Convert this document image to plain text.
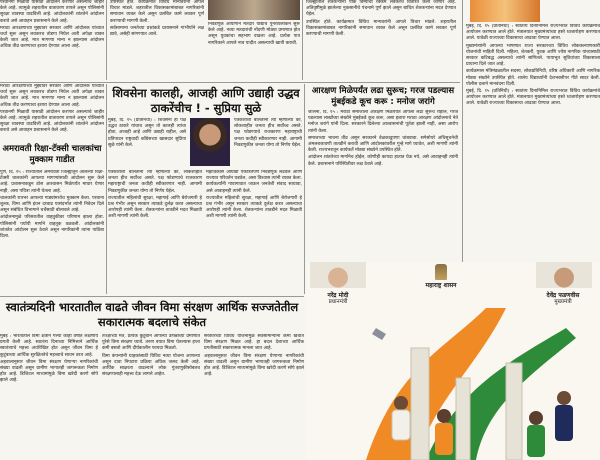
परवानगी मिळावी यासाठी आंदोलन करणार असल्याचे जाहीर केले आहे. त्यामुळे शहरातील वातावरण तापले असून पोलिसांनी सुरक्षा व्यवस्था वाढविली आहे. आंदोलकांनी शांततेने आंदोलन करावे असे आवाहन प्रशासनाने केले आहे.

मराठा आरक्षणाच्या मुद्द्यावर सरकार आणि आंदोलक यांच्यात चर्चा सुरू असून लवकरच तोडगा निघेल अशी अपेक्षा व्यक्त केली जात आहे. मात्र मागण्या मान्य न झाल्यास आंदोलन अधिक तीव्र करण्याचा इशारा देण्यात आला आहे.

उपस्थित होते. कार्यक्रमात विविध मान्यवरांनी आपले विचार मांडले. शहरातील विकासकामांबाबत नागरिकांनी समाधान व्यक्त केले असून प्रलंबित कामे लवकर पूर्ण करण्याची मागणी केली.

सर्वसामान्य जनतेच्या प्रश्नांकडे प्रशासनाने गांभीर्याने लक्ष द्यावे, असेही सांगण्यात आले.

निवडणूक आयोगाने मतदार याद्यांचे पुनरावलोकन सुरू केले आहे. नव्या मतदारांची नोंदणी मोठ्या प्रमाणात होत असून युवकांचा सहभाग वाढला आहे. प्रत्येक पात्र नागरिकाने आपले नाव यादीत असल्याची खात्री करावी.

जिल्ह्यातील शेतकऱ्यांना पीक विम्याची रक्कम लवकरच वितरित केली जाणार आहे. अतिवृष्टीमुळे झालेल्या नुकसानीचे पंचनामे पूर्ण झाले असून बाधित शेतकऱ्यांना मदत देण्यात येईल.

उपस्थित होते. कार्यक्रमात विविध मान्यवरांनी आपले विचार मांडले. शहरातील विकासकामांबाबत नागरिकांनी समाधान व्यक्त केले असून प्रलंबित कामे लवकर पूर्ण करण्याची मागणी केली.

शिवसेना कालही, आजही आणि उद्याही उद्धव ठाकरेंचीच ! - सुप्रिया सुळे

मुंबई, दि. १५ (प्रतिनिधी) : शिवसेना हा पक्ष उद्धव ठाकरे यांचाच असून तो कालही त्यांचा होता, आजही आहे आणि उद्याही राहील, असे प्रतिपादन राष्ट्रवादी काँग्रेसच्या खासदार सुप्रिया सुळे यांनी केले.

पत्रकारांशी बोलताना त्या म्हणाल्या की, लोकशाहीत जनता हीच सर्वोच्च असते. पक्ष फोडण्याचे राजकारण महाराष्ट्राची जनता कधीही स्वीकारणार नाही. आगामी निवडणुकीत जनता योग्य तो निर्णय घेईल.

राज्यातील महिलांची सुरक्षा, महागाई आणि बेरोजगारी हे प्रश्न गंभीर असून सरकार त्याकडे दुर्लक्ष करत असल्याचा आरोपही त्यांनी केला. शेतकऱ्यांना तातडीने मदत मिळावी अशी मागणी त्यांनी केली.

महाविकास आघाडी एकत्रितपणे निवडणूक लढवेल आणि राज्यात परिवर्तन घडवेल, असा विश्वास त्यांनी व्यक्त केला. कार्यकर्त्यांनी गावागावात जाऊन जनतेशी संवाद साधावा, असे आवाहनही त्यांनी केले.

राज्यातील महिलांची सुरक्षा, महागाई आणि बेरोजगारी हे प्रश्न गंभीर असून सरकार त्याकडे दुर्लक्ष करत असल्याचा आरोपही त्यांनी केला. शेतकऱ्यांना तातडीने मदत मिळावी अशी मागणी त्यांनी केली.

पत्रकारांशी बोलताना त्या म्हणाल्या की, लोकशाहीत जनता हीच सर्वोच्च असते. पक्ष फोडण्याचे राजकारण महाराष्ट्राची जनता कधीही स्वीकारणार नाही. आगामी निवडणुकीत जनता योग्य तो निर्णय घेईल.

मराठा आरक्षणाच्या मुद्द्यावर सरकार आणि आंदोलक यांच्यात चर्चा सुरू असून लवकरच तोडगा निघेल अशी अपेक्षा व्यक्त केली जात आहे. मात्र मागण्या मान्य न झाल्यास आंदोलन अधिक तीव्र करण्याचा इशारा देण्यात आला आहे.

परवानगी मिळावी यासाठी आंदोलन करणार असल्याचे जाहीर केले आहे. त्यामुळे शहरातील वातावरण तापले असून पोलिसांनी सुरक्षा व्यवस्था वाढविली आहे. आंदोलकांनी शांततेने आंदोलन करावे असे आवाहन प्रशासनाने केले आहे.

अमरावती रिक्षा-टॅक्सी चालकांचा मुक्काम गाडीत

पुणे, दि. १५ : राज्यातील अमरावती जिल्ह्यातून आलेल्या रिक्षा-टॅक्सी चालकांनी आपल्या मागण्यांसाठी आंदोलन सुरू केले आहे. प्रशासनाकडून ठोस आश्वासन मिळेपर्यंत माघार घेणार नाही, असा पवित्रा त्यांनी घेतला आहे.

चालकांनी रात्रभर आपल्या गाड्यांमध्येच मुक्काम केला. परवाना शुल्क, विमा आणि इंधन दरवाढ यासंदर्भात त्यांनी निवेदन दिले असून संबंधित विभागाने चर्चेसाठी बोलावले आहे.

आंदोलनामुळे परिसरातील वाहतुकीवर परिणाम झाला होता. पोलिसांनी पर्यायी मार्गाने वाहतूक वळवली. आंदोलकांनी शांततेत आंदोलन सुरू ठेवले असून नागरिकांनी त्यांना पाठिंबा दिला.

आरक्षण मिळेपर्यंत लढा सुरूच; गरज पडल्यास मुंबईकडे कूच करू : मनोज जरांगे

जालना, दि. १५ : मराठा समाजाला आरक्षण मिळेपर्यंत आपला लढा सुरूच राहील, गरज पडल्यास लाखोंच्या संख्येने मुंबईकडे कूच करू, असा इशारा मराठा आरक्षण आंदोलनाचे नेते मनोज जरांगे यांनी दिला. सरकारने दिलेल्या आश्वासनांची पूर्तता झाली नाही, असा आरोप त्यांनी केला.

समाजाच्या भावना तीव्र असून सरकारने वेळकाढूपणा थांबवावा. सगेसोयरे अधिसूचनेची अंमलबजावणी तातडीने करावी आणि आंदोलकांवरील गुन्हे मागे घ्यावेत, अशी मागणी त्यांनी केली. राज्यभरातून कार्यकर्ते मोठ्या संख्येने उपस्थित होते.

आंदोलन शांततेच्या मार्गानेच होईल, कोणीही कायदा हातात घेऊ नये, असे आवाहनही त्यांनी केले. प्रशासनाने परिस्थितीवर लक्ष ठेवले आहे.

मुंबई, दि. १५ (प्रतिनिधी) : स्वातंत्र्य दिनानिमित्त राज्यभरात विविध कार्यक्रमांचे आयोजन करण्यात आले होते. मंत्रालयात मुख्यमंत्र्यांच्या हस्ते ध्वजारोहण करण्यात आले. यावेळी राज्याच्या विकासाचा आढावा घेण्यात आला.

मुख्यमंत्र्यांनी आपल्या भाषणात राज्य सरकारच्या विविध लोककल्याणकारी योजनांची माहिती दिली. महिला, शेतकरी, युवक आणि ज्येष्ठ नागरिक यांच्यासाठी सरकार कटिबद्ध असल्याचे त्यांनी सांगितले. पायाभूत सुविधांच्या विकासाला प्राधान्य दिले जात आहे.

कार्यक्रमास मंत्रिमंडळातील सदस्य, लोकप्रतिनिधी, वरिष्ठ अधिकारी आणि नागरिक मोठ्या संख्येने उपस्थित होते. शालेय विद्यार्थ्यांनी देशभक्तीपर गीते सादर केली. पोलीस दलाने मानवंदना दिली.

मुंबई, दि. १५ (प्रतिनिधी) : स्वातंत्र्य दिनानिमित्त राज्यभरात विविध कार्यक्रमांचे आयोजन करण्यात आले होते. मंत्रालयात मुख्यमंत्र्यांच्या हस्ते ध्वजारोहण करण्यात आले. यावेळी राज्याच्या विकासाचा आढावा घेण्यात आला.

महाराष्ट्र शासन
नरेंद्र मोदी
प्रधानमंत्री
देवेंद्र फडणवीस
मुख्यमंत्री
स्वातंत्र्यदिनी भारतातील वाढते जीवन विमा संरक्षण आर्थिक सज्जतेतील सकारात्मक बदलाचे संकेत

मुंबई : भारतातील विमा क्षेत्राने गेल्या काही वर्षांत लक्षणीय प्रगती केली आहे. स्वातंत्र्य दिनाच्या निमित्ताने आर्थिक स्वातंत्र्याचे महत्त्व अधोरेखित होत असून जीवन विमा हे कुटुंबाच्या आर्थिक सुरक्षिततेचे महत्त्वाचे साधन ठरत आहे.

अहवालानुसार जीवन विमा संरक्षण घेणाऱ्या नागरिकांची संख्या वाढली असून ग्रामीण भागातही जागरूकता निर्माण होत आहे. डिजिटल माध्यमांमुळे विमा खरेदी करणे सोपे झाले आहे.

तज्ज्ञांच्या मते, प्रत्येक कुटुंबाने आपल्या उत्पन्नाच्या प्रमाणात पुरेसे विमा संरक्षण घ्यावे. तरुण वयात विमा घेतल्यास हप्ता कमी बसतो आणि दीर्घकालीन फायदा मिळतो.

विमा कंपन्यांनी ग्राहकांसाठी विविध नव्या योजना आणल्या असून दावा निपटारा प्रक्रिया अधिक जलद केली आहे. आर्थिक साक्षरता वाढल्याने लोक गुंतवणुकीसोबतच संरक्षणालाही महत्त्व देऊ लागले आहेत.

सरकारच्या विविध योजनांमुळे सर्वसामान्यांना कमी खर्चात विमा संरक्षण मिळत आहे. हा बदल देशाच्या आर्थिक प्रगतीसाठी सकारात्मक मानला जात आहे.

अहवालानुसार जीवन विमा संरक्षण घेणाऱ्या नागरिकांची संख्या वाढली असून ग्रामीण भागातही जागरूकता निर्माण होत आहे. डिजिटल माध्यमांमुळे विमा खरेदी करणे सोपे झाले आहे.
